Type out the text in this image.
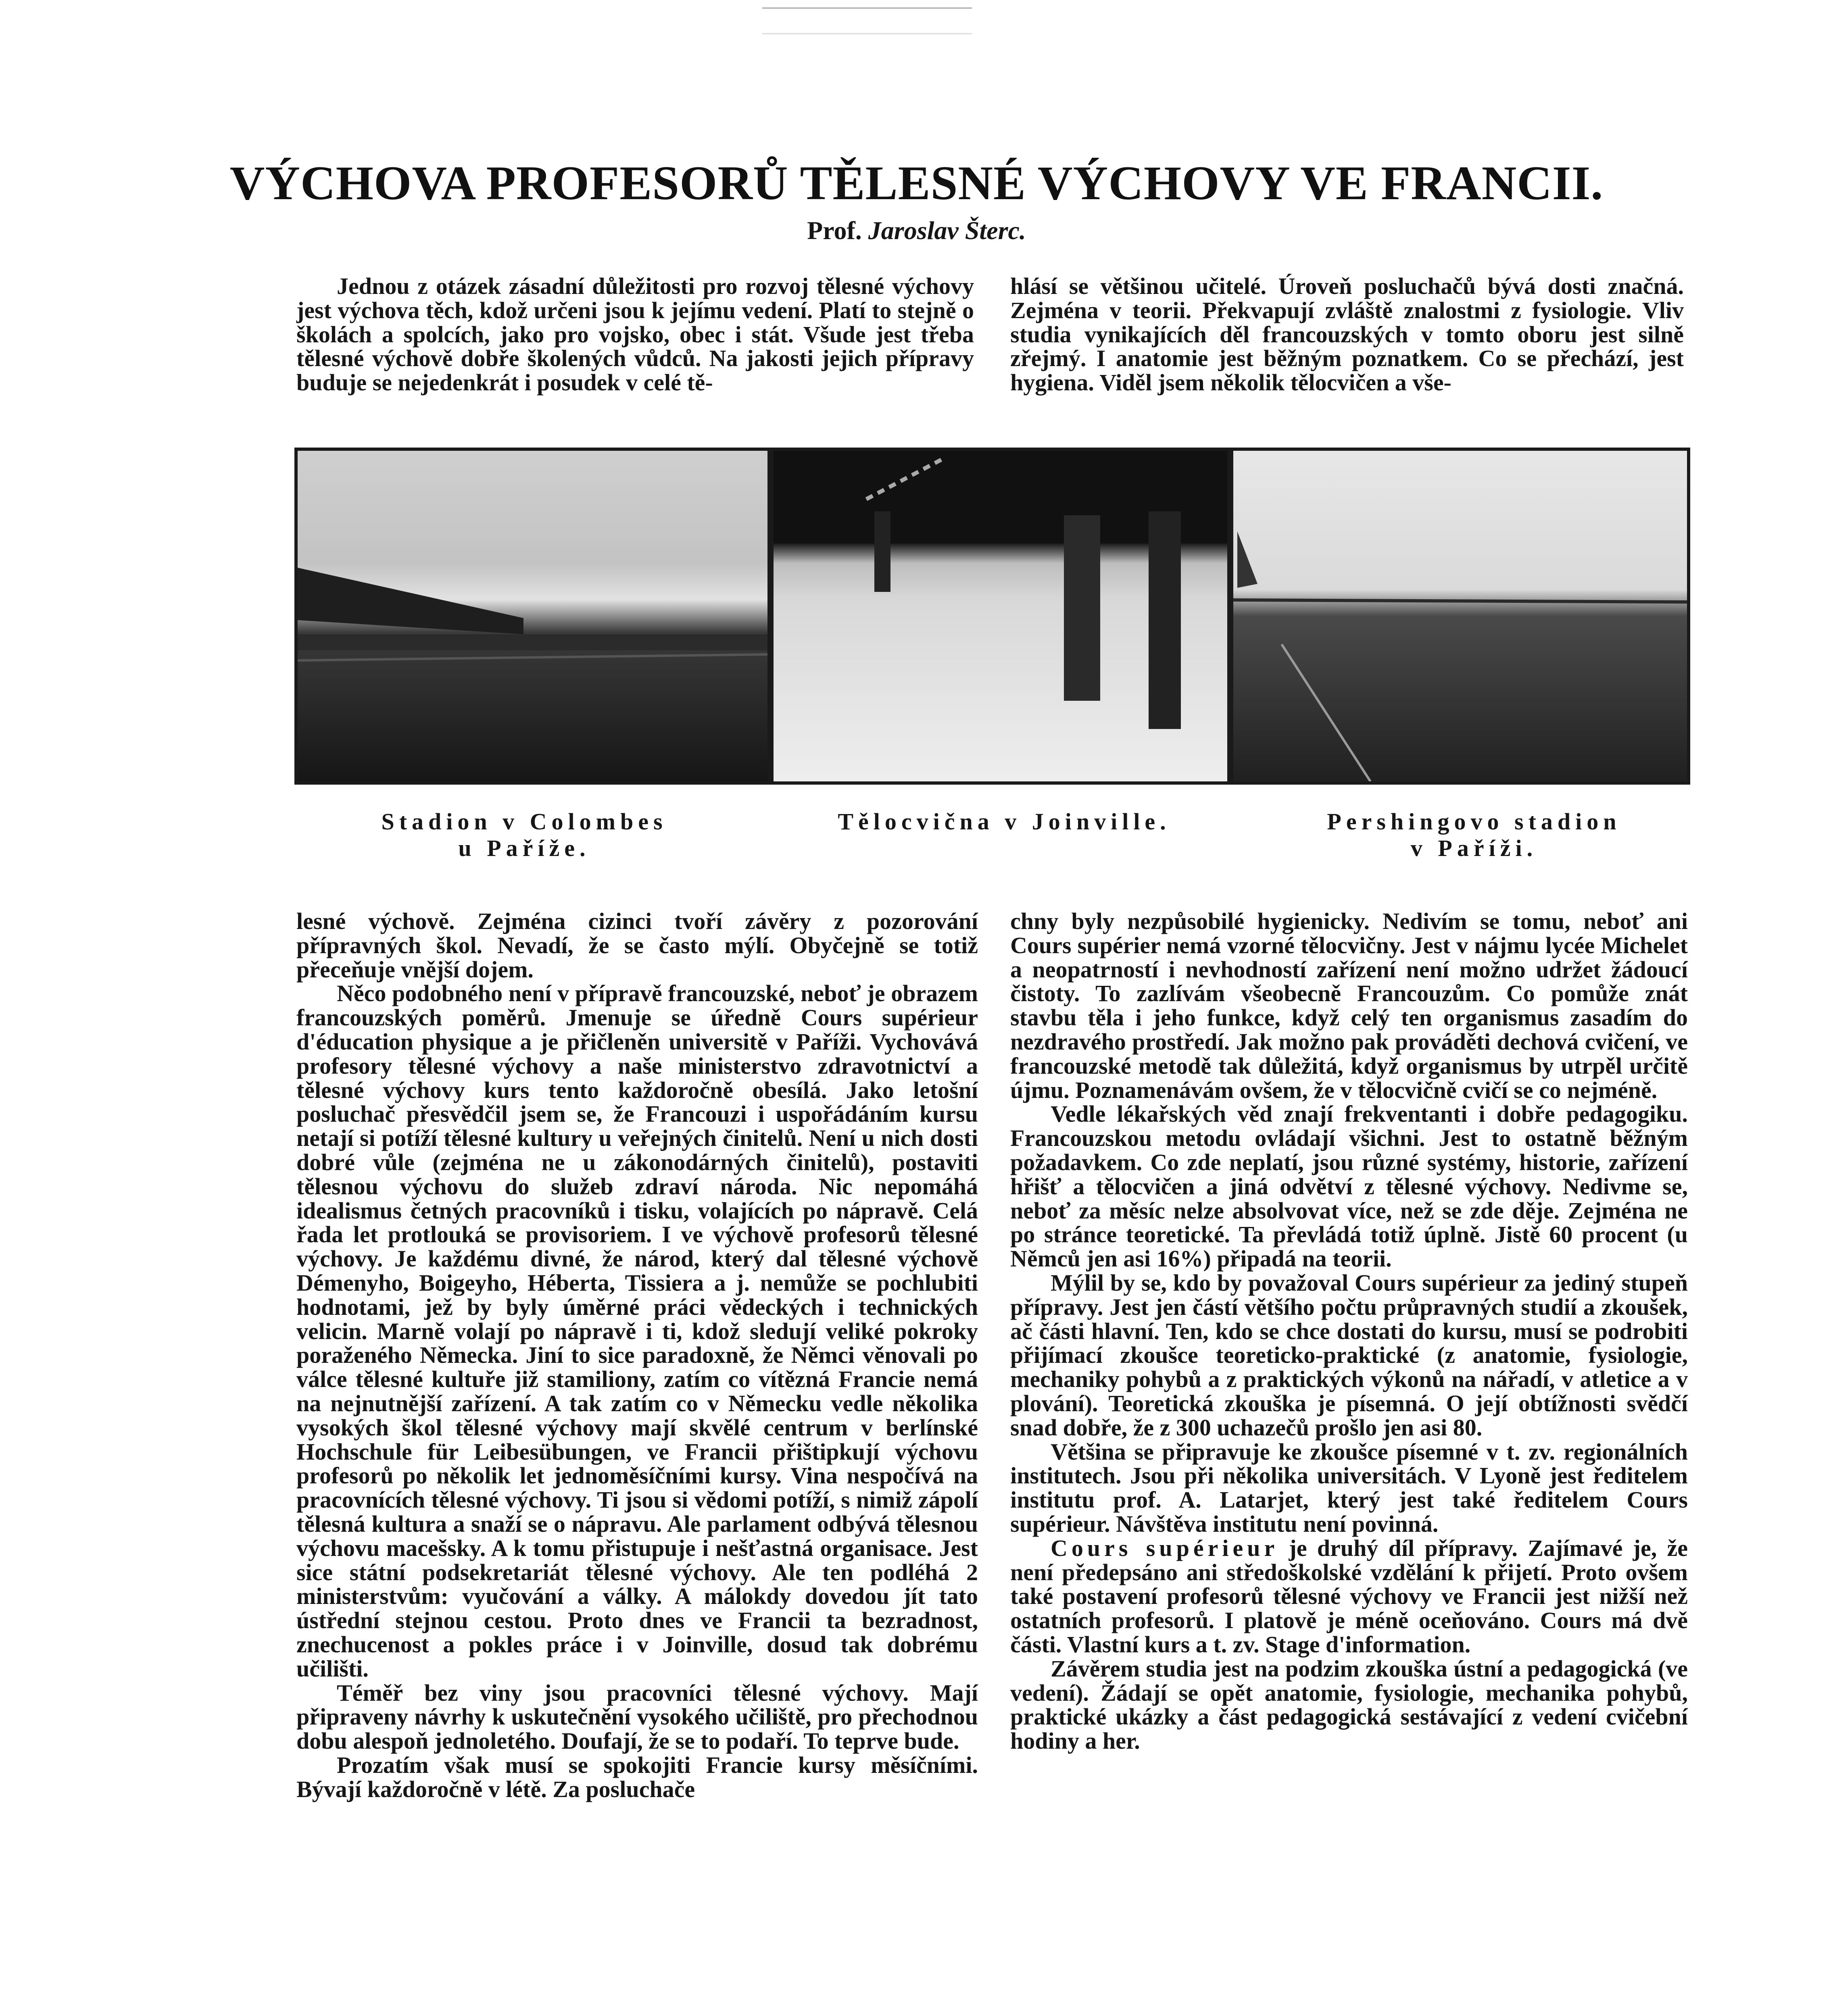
VÝCHOVA PROFESORŮ TĚLESNÉ VÝCHOVY VE FRANCII.
Prof. Jaroslav Šterc.

Jednou z otázek zásadní důležitosti pro rozvoj tělesné výchovy jest výchova těch, kdož určeni jsou k jejímu vedení. Platí to stejně o školách a spolcích, jako pro vojsko, obec i stát. Všude jest třeba tělesné výchově dobře školených vůdců. Na jakosti jejich přípravy buduje se nejedenkrát i posudek v celé tě-

hlásí se většinou učitelé. Úroveň posluchačů bývá dosti značná. Zejména v teorii. Překvapují zvláště znalostmi z fysiologie. Vliv studia vynikajících děl francouzských v tomto oboru jest silně zřejmý. I anatomie jest běžným poznatkem. Co se přechází, jest hygiena. Viděl jsem několik tělocvičen a vše-

Stadion v Colombes
u Paříže.
Tělocvična v Joinville.	Pershingovo stadion
v Paříži.

lesné výchově. Zejména cizinci tvoří závěry z pozorování přípravných škol. Nevadí, že se často mýlí. Obyčejně se totiž přeceňuje vnější dojem.

Něco podobného není v přípravě francouzské, neboť je obrazem francouzských poměrů. Jmenuje se úředně Cours supérieur d'éducation physique a je přičleněn universitě v Paříži. Vychovává profesory tělesné výchovy a naše ministerstvo zdravotnictví a tělesné výchovy kurs tento každoročně obesílá. Jako letošní posluchač přesvědčil jsem se, že Francouzi i uspořádáním kursu netají si potíží tělesné kultury u veřejných činitelů. Není u nich dosti dobré vůle (zejména ne u zákonodárných činitelů), postaviti tělesnou výchovu do služeb zdraví národa. Nic nepomáhá idealismus četných pracovníků i tisku, volajících po nápravě. Celá řada let protlouká se provisoriem. I ve výchově profesorů tělesné výchovy. Je každému divné, že národ, který dal tělesné výchově Démenyho, Boigeyho, Héberta, Tissiera a j. nemůže se pochlubiti hodnotami, jež by byly úměrné práci vědeckých i technických velicin. Marně volají po nápravě i ti, kdož sledují veliké pokroky poraženého Německa. Jiní to sice paradoxně, že Němci věnovali po válce tělesné kultuře již stamiliony, zatím co vítězná Francie nemá na nejnutnější zařízení. A tak zatím co v Německu vedle několika vysokých škol tělesné výchovy mají skvělé centrum v berlínské Hochschule für Leibesübungen, ve Francii přištipkují výchovu profesorů po několik let jednoměsíčními kursy. Vina nespočívá na pracovnících tělesné výchovy. Ti jsou si vědomi potíží, s nimiž zápolí tělesná kultura a snaží se o nápravu. Ale parlament odbývá tělesnou výchovu macešsky. A k tomu přistupuje i nešťastná organisace. Jest sice státní podsekretariát tělesné výchovy. Ale ten podléhá 2 ministerstvům: vyučování a války. A málokdy dovedou jít tato ústřední stejnou cestou. Proto dnes ve Francii ta bezradnost, znechucenost a pokles práce i v Joinville, dosud tak dobrému učilišti.

Téměř bez viny jsou pracovníci tělesné výchovy. Mají připraveny návrhy k uskutečnění vysokého učiliště, pro přechodnou dobu alespoň jednoletého. Doufají, že se to podaří. To teprve bude.

Prozatím však musí se spokojiti Francie kursy měsíčními. Bývají každoročně v létě. Za posluchače

chny byly nezpůsobilé hygienicky. Nedivím se tomu, neboť ani Cours supérier nemá vzorné tělocvičny. Jest v nájmu lycée Michelet a neopatrností i nevhodností zařízení není možno udržet žádoucí čistoty. To zazlívám všeobecně Francouzům. Co pomůže znát stavbu těla i jeho funkce, když celý ten organismus zasadím do nezdravého prostředí. Jak možno pak prováděti dechová cvičení, ve francouzské metodě tak důležitá, když organismus by utrpěl určitě újmu. Poznamenávám ovšem, že v tělocvičně cvičí se co nejméně.

Vedle lékařských věd znají frekventanti i dobře pedagogiku. Francouzskou metodu ovládají všichni. Jest to ostatně běžným požadavkem. Co zde neplatí, jsou různé systémy, historie, zařízení hřišť a tělocvičen a jiná odvětví z tělesné výchovy. Nedivme se, neboť za měsíc nelze absolvovat více, než se zde děje. Zejména ne po stránce teoretické. Ta převládá totiž úplně. Jistě 60 procent (u Němců jen asi 16%) připadá na teorii.

Mýlil by se, kdo by považoval Cours supérieur za jediný stupeň přípravy. Jest jen částí většího počtu průpravných studií a zkoušek, ač části hlavní. Ten, kdo se chce dostati do kursu, musí se podrobiti přijímací zkoušce teoreticko-praktické (z anatomie, fysiologie, mechaniky pohybů a z praktických výkonů na nářadí, v atletice a v plování). Teoretická zkouška je písemná. O její obtížnosti svědčí snad dobře, že z 300 uchazečů prošlo jen asi 80.

Většina se připravuje ke zkoušce písemné v t. zv. regionálních institutech. Jsou při několika universitách. V Lyoně jest ředitelem institutu prof. A. Latarjet, který jest také ředitelem Cours supérieur. Návštěva institutu není povinná.

Cours supérieur je druhý díl přípravy. Zajímavé je, že není předepsáno ani středoškolské vzdělání k přijetí. Proto ovšem také postavení profesorů tělesné výchovy ve Francii jest nižší než ostatních profesorů. I platově je méně oceňováno. Cours má dvě části. Vlastní kurs a t. zv. Stage d'information.

Závěrem studia jest na podzim zkouška ústní a pedagogická (ve vedení). Žádají se opět anatomie, fysiologie, mechanika pohybů, praktické ukázky a část pedagogická sestávající z vedení cvičební hodiny a her.
